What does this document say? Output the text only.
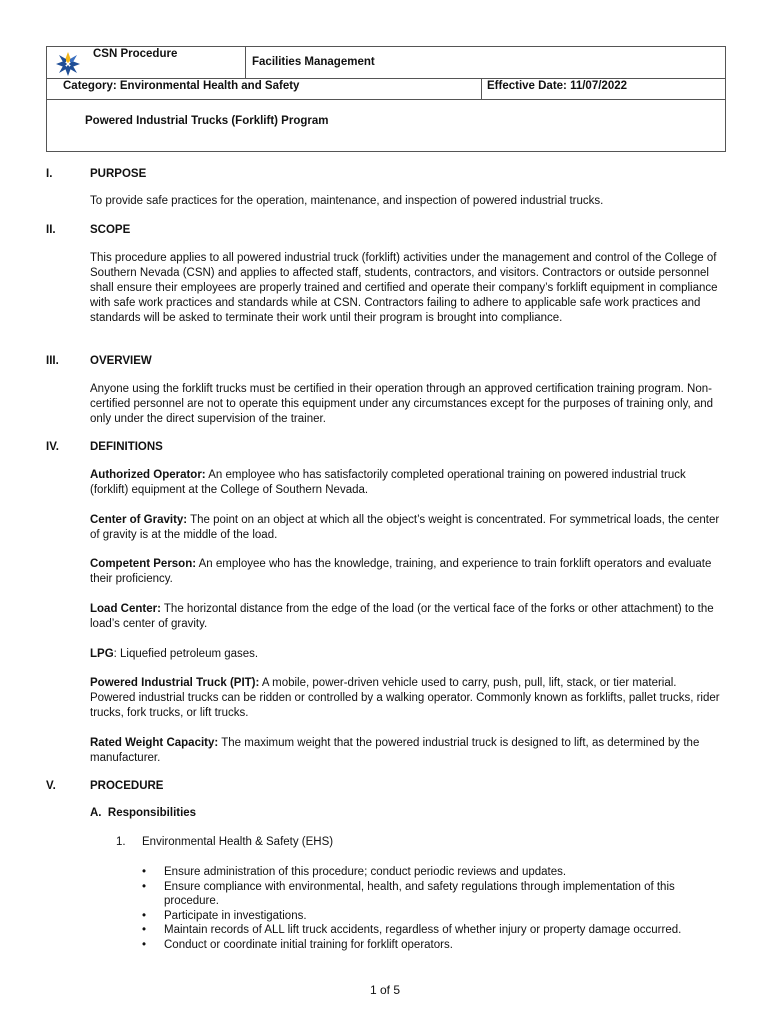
CSN Procedure
Facilities Management
Category: Environmental Health and Safety	Effective Date: 11/07/2022
Powered Industrial Trucks (Forklift) Program
I.	PURPOSE
To provide safe practices for the operation, maintenance, and inspection of powered industrial trucks.
II.	SCOPE
This procedure applies to all powered industrial truck (forklift) activities under the management and control of the College of Southern Nevada (CSN) and applies to affected staff, students, contractors, and visitors. Contractors or outside personnel shall ensure their employees are properly trained and certified and operate their company’s forklift equipment in compliance with safe work practices and standards while at CSN. Contractors failing to adhere to applicable safe work practices and standards will be asked to terminate their work until their program is brought into compliance.
III.	OVERVIEW
Anyone using the forklift trucks must be certified in their operation through an approved certification training program. Non-certified personnel are not to operate this equipment under any circumstances except for the purposes of training only, and only under the direct supervision of the trainer.
IV.	DEFINITIONS
Authorized Operator: An employee who has satisfactorily completed operational training on powered industrial truck (forklift) equipment at the College of Southern Nevada.
Center of Gravity: The point on an object at which all the object’s weight is concentrated. For symmetrical loads, the center of gravity is at the middle of the load.
Competent Person: An employee who has the knowledge, training, and experience to train forklift operators and evaluate their proficiency.
Load Center: The horizontal distance from the edge of the load (or the vertical face of the forks or other attachment) to the load’s center of gravity.
LPG: Liquefied petroleum gases.
Powered Industrial Truck (PIT): A mobile, power-driven vehicle used to carry, push, pull, lift, stack, or tier material. Powered industrial trucks can be ridden or controlled by a walking operator. Commonly known as forklifts, pallet trucks, rider trucks, fork trucks, or lift trucks.
Rated Weight Capacity: The maximum weight that the powered industrial truck is designed to lift, as determined by the manufacturer.
V.	PROCEDURE
A.  Responsibilities
1. Environmental Health & Safety (EHS)
• Ensure administration of this procedure; conduct periodic reviews and updates.
• Ensure compliance with environmental, health, and safety regulations through implementation of this procedure.
• Participate in investigations.
• Maintain records of ALL lift truck accidents, regardless of whether injury or property damage occurred.
• Conduct or coordinate initial training for forklift operators.
1 of 5
